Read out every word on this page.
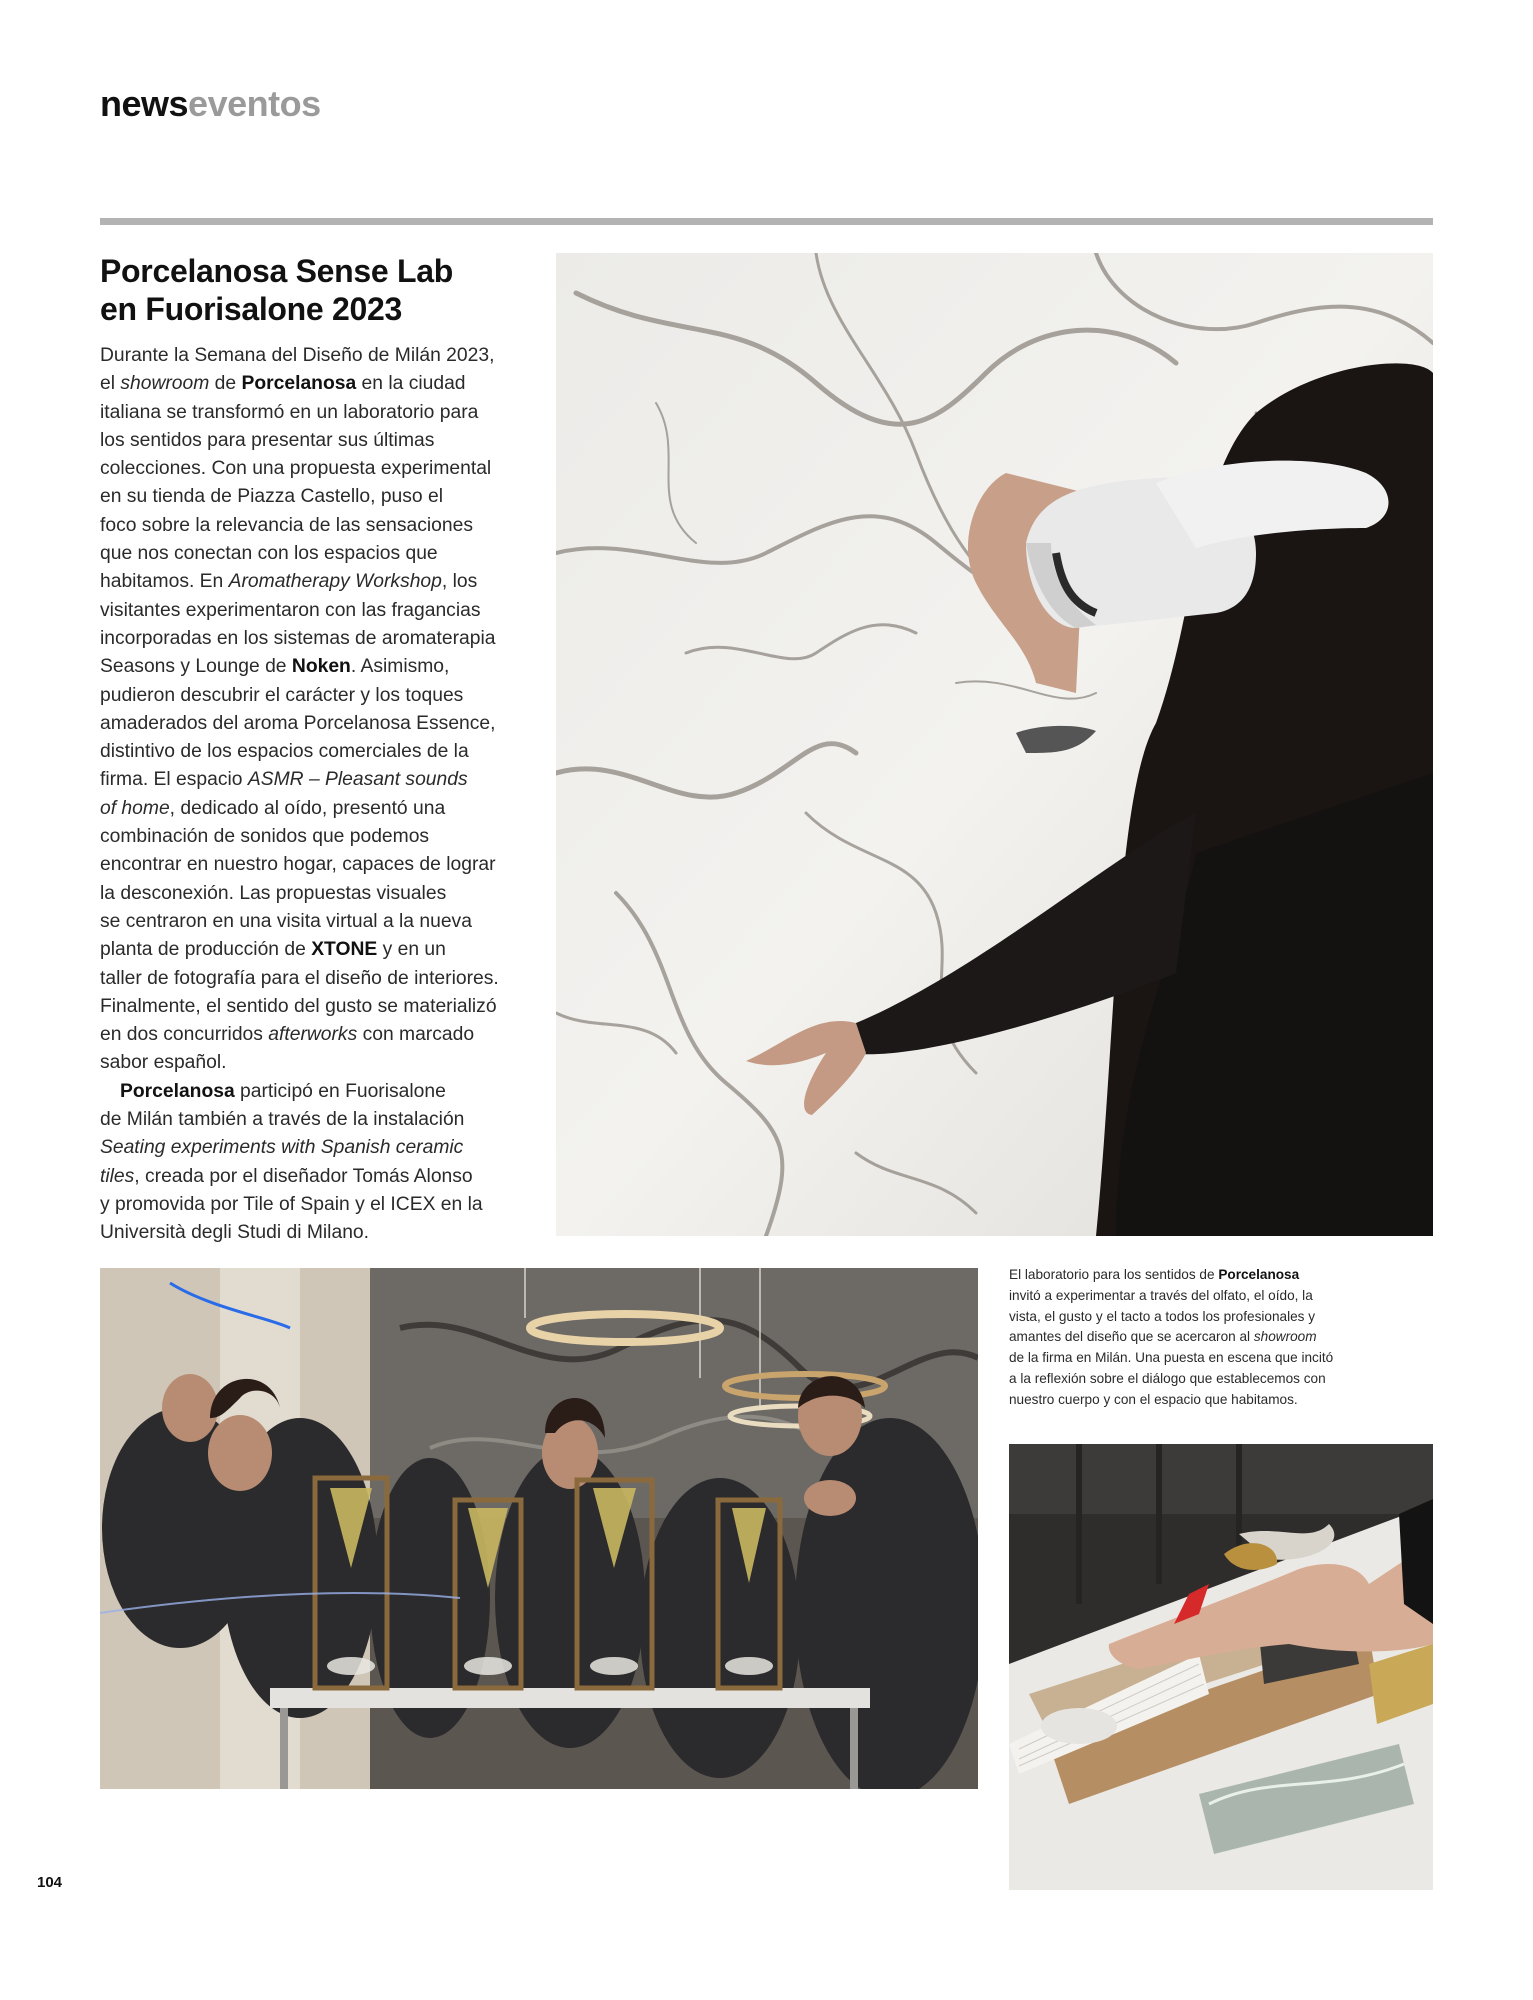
newseventos
Porcelanosa Sense Lab
en Fuorisalone 2023
Durante la Semana del Diseño de Milán 2023,
el showroom de Porcelanosa en la ciudad
italiana se transformó en un laboratorio para
los sentidos para presentar sus últimas
colecciones. Con una propuesta experimental
en su tienda de Piazza Castello, puso el
foco sobre la relevancia de las sensaciones
que nos conectan con los espacios que
habitamos. En Aromatherapy Workshop, los
visitantes experimentaron con las fragancias
incorporadas en los sistemas de aromaterapia
Seasons y Lounge de Noken. Asimismo,
pudieron descubrir el carácter y los toques
amaderados del aroma Porcelanosa Essence,
distintivo de los espacios comerciales de la
firma. El espacio ASMR – Pleasant sounds
of home, dedicado al oído, presentó una
combinación de sonidos que podemos
encontrar en nuestro hogar, capaces de lograr
la desconexión. Las propuestas visuales
se centraron en una visita virtual a la nueva
planta de producción de XTONE y en un
taller de fotografía para el diseño de interiores.
Finalmente, el sentido del gusto se materializó
en dos concurridos afterworks con marcado
sabor español.
Porcelanosa participó en Fuorisalone
de Milán también a través de la instalación
Seating experiments with Spanish ceramic
tiles, creada por el diseñador Tomás Alonso
y promovida por Tile of Spain y el ICEX en la
Università degli Studi di Milano.
El laboratorio para los sentidos de Porcelanosa
invitó a experimentar a través del olfato, el oído, la
vista, el gusto y el tacto a todos los profesionales y
amantes del diseño que se acercaron al showroom
de la firma en Milán. Una puesta en escena que incitó
a la reflexión sobre el diálogo que establecemos con
nuestro cuerpo y con el espacio que habitamos.
104
